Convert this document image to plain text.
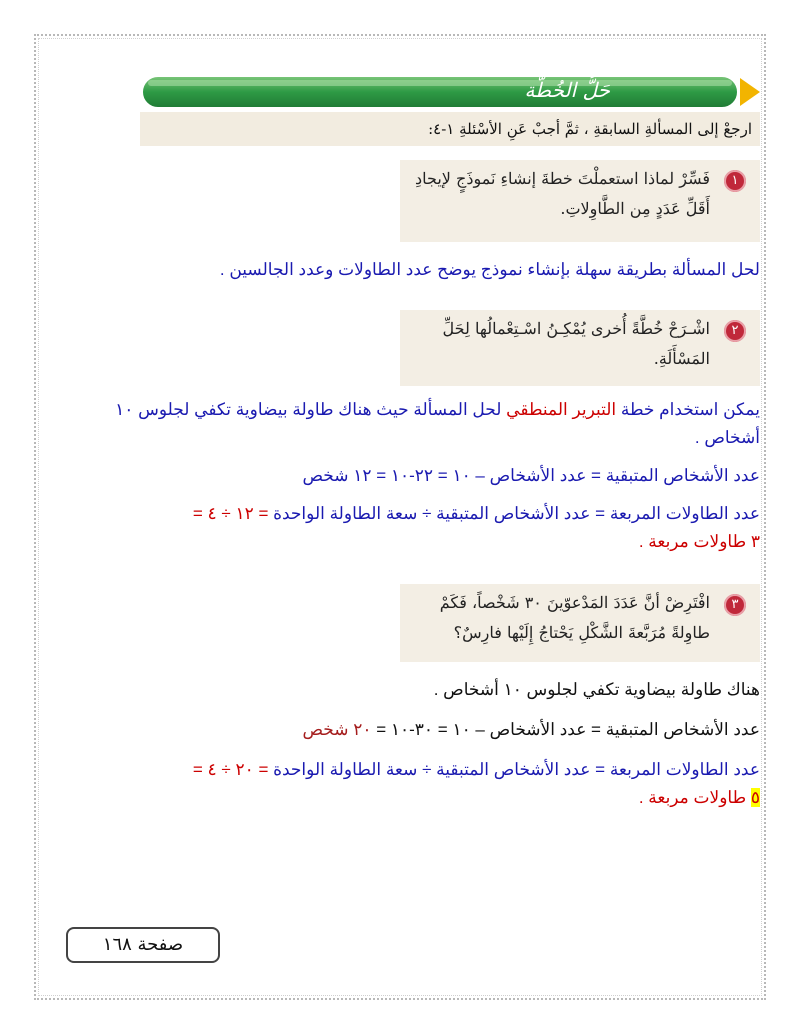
حَلُّ الخُطَّة
ارجعْ إلى المسألةِ السابقةِ ، ثمَّ أجبْ عَنِ الأسْئلةِ ١-٤:
١
فَسِّرْ لماذا استعملْتَ خطةَ إنشاءِ نَموذَجٍ لإيجادِ أَقَلِّ عَدَدٍ مِن الطَّاوِلاتِ.
لحل المسألة بطريقة سهلة بإنشاء نموذج يوضح عدد الطاولات وعدد الجالسين .
٢
اشْـرَحْ خُطَّةً أُخرى يُمْكِـنُ اسْـتِعْمالُها لِحَلِّ المَسْأَلَةِ.
يمكن استخدام خطة التبرير المنطقي لحل المسألة حيث هناك طاولة بيضاوية تكفي لجلوس ١٠ أشخاص .
عدد الأشخاص المتبقية = عدد الأشخاص – ١٠ = ٢٢-١٠ = ١٢ شخص
عدد الطاولات المربعة = عدد الأشخاص المتبقية ÷ سعة الطاولة الواحدة = ١٢ ÷ ٤ =
٣ طاولات مربعة .
٣
افْتَرِضْ أنَّ عَدَدَ المَدْعوّينَ ٣٠ شَخْصاً، فَكَمْ طاوِلةً مُرَبَّعةَ الشَّكْلِ يَحْتاجُ إِلَيْها فارِسٌ؟
هناك طاولة بيضاوية تكفي لجلوس ١٠ أشخاص .
عدد الأشخاص المتبقية = عدد الأشخاص – ١٠ = ٣٠-١٠ = ٢٠ شخص
عدد الطاولات المربعة = عدد الأشخاص المتبقية ÷ سعة الطاولة الواحدة = ٢٠ ÷ ٤ =
٥ طاولات مربعة .
صفحة ١٦٨
